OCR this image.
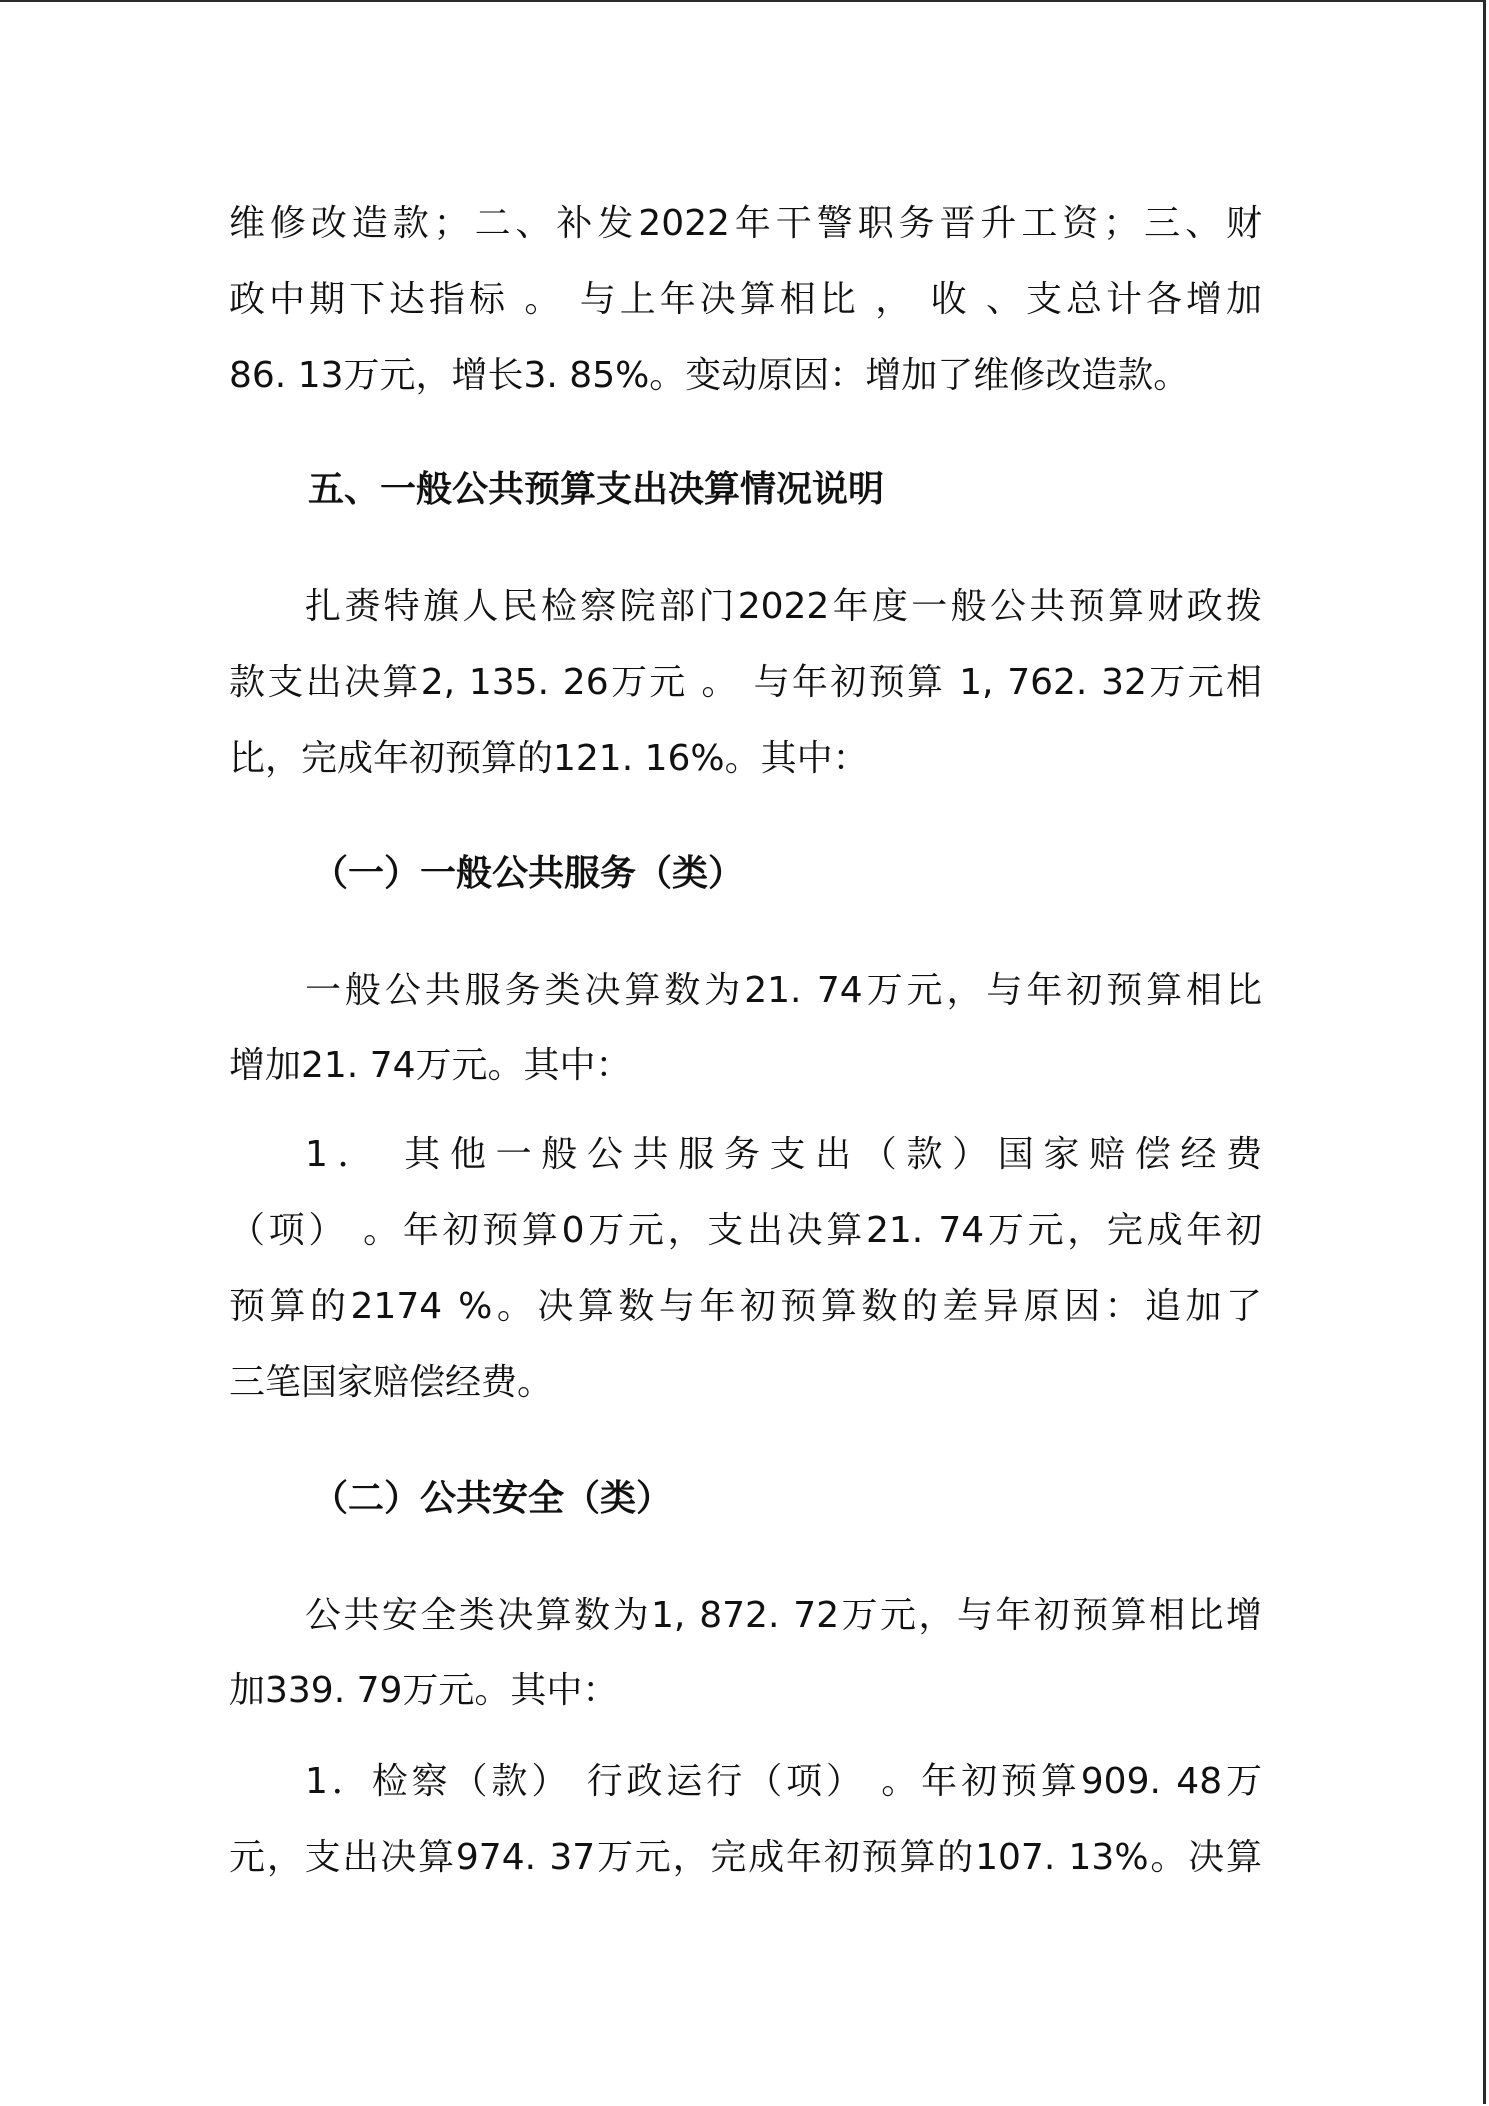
维修改造款；二、补发2022年干警职务晋升工资；三、财

政中期下达指标 。 与上年决算相比 ， 收 、支总计各增加

86. 13万元，增长3. 85%。变动原因：增加了维修改造款。

五、一般公共预算支出决算情况说明

扎赉特旗人民检察院部门2022年度一般公共预算财政拨

款支出决算2, 135. 26万元 。 与年初预算 1, 762. 32万元相

比，完成年初预算的121. 16%。其中：

（一）一般公共服务（类）

一般公共服务类决算数为21. 74万元，与年初预算相比

增加21. 74万元。其中：

1． 其他一般公共服务支出（款）国家赔偿经费

（项） 。年初预算0万元，支出决算21. 74万元，完成年初

预算的2174 %。决算数与年初预算数的差异原因：追加了

三笔国家赔偿经费。

（二）公共安全（类）

公共安全类决算数为1, 872. 72万元，与年初预算相比增

加339. 79万元。其中：

1．检察（款） 行政运行（项） 。年初预算909. 48万

元，支出决算974. 37万元，完成年初预算的107. 13%。决算
